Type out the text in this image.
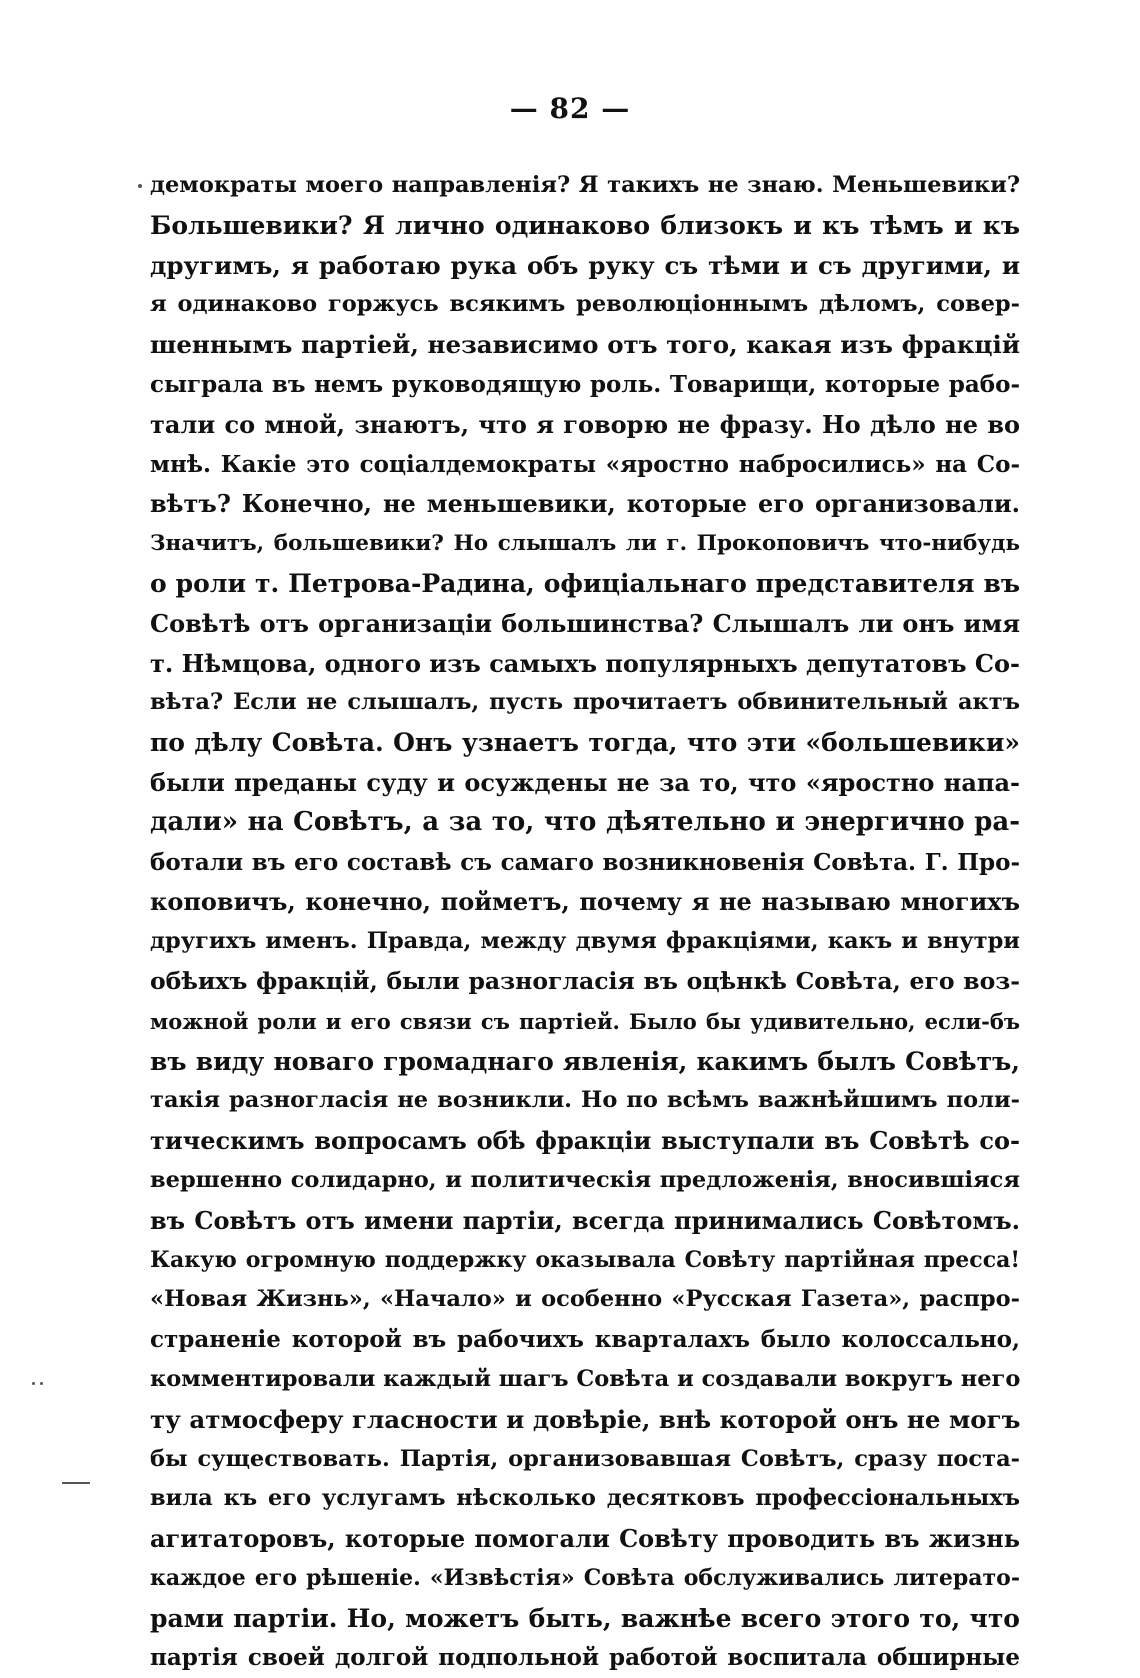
— 82 —
демократы моего направленія? Я такихъ не знаю. Меньшевики?
Большевики? Я лично одинаково близокъ и къ тѣмъ и къ
другимъ, я работаю рука объ руку съ тѣми и съ другими, и
я одинаково горжусь всякимъ революціоннымъ дѣломъ, совер-
шеннымъ партіей, независимо отъ того, какая изъ фракцій
сыграла въ немъ руководящую роль. Товарищи, которые рабо-
тали со мной, знаютъ, что я говорю не фразу. Но дѣло не во
мнѣ. Какіе это соціалдемократы «яростно набросились» на Со-
вѣтъ? Конечно, не меньшевики, которые его организовали.
Значитъ, большевики? Но слышалъ ли г. Прокоповичъ что-нибудь
о роли т. Петрова-Радина, офиціальнаго представителя въ
Совѣтѣ отъ организаціи большинства? Слышалъ ли онъ имя
т. Нѣмцова, одного изъ самыхъ популярныхъ депутатовъ Со-
вѣта? Если не слышалъ, пусть прочитаетъ обвинительный актъ
по дѣлу Совѣта. Онъ узнаетъ тогда, что эти «большевики»
были преданы суду и осуждены не за то, что «яростно напа-
дали» на Совѣтъ, а за то, что дѣятельно и энергично ра-
ботали въ его составѣ съ самаго возникновенія Совѣта. Г. Про-
коповичъ, конечно, пойметъ, почему я не называю многихъ
другихъ именъ. Правда, между двумя фракціями, какъ и внутри
обѣихъ фракцій, были разногласія въ оцѣнкѣ Совѣта, его воз-
можной роли и его связи съ партіей. Было бы удивительно, если-бъ
въ виду новаго громаднаго явленія, какимъ былъ Совѣтъ,
такія разногласія не возникли. Но по всѣмъ важнѣйшимъ поли-
тическимъ вопросамъ обѣ фракціи выступали въ Совѣтѣ со-
вершенно солидарно, и политическія предложенія, вносившіяся
въ Совѣтъ отъ имени партіи, всегда принимались Совѣтомъ.
Какую огромную поддержку оказывала Совѣту партійная пресса!
«Новая Жизнь», «Начало» и особенно «Русская Газета», распро-
страненіе которой въ рабочихъ кварталахъ было колоссально,
комментировали каждый шагъ Совѣта и создавали вокругъ него
ту атмосферу гласности и довѣріе, внѣ которой онъ не могъ
бы существовать. Партія, организовавшая Совѣтъ, сразу поста-
вила къ его услугамъ нѣсколько десятковъ профессіональныхъ
агитаторовъ, которые помогали Совѣту проводить въ жизнь
каждое его рѣшеніе. «Извѣстія» Совѣта обслуживались литерато-
рами партіи. Но, можетъ быть, важнѣе всего этого то, что
партія своей долгой подпольной работой воспитала обширные
